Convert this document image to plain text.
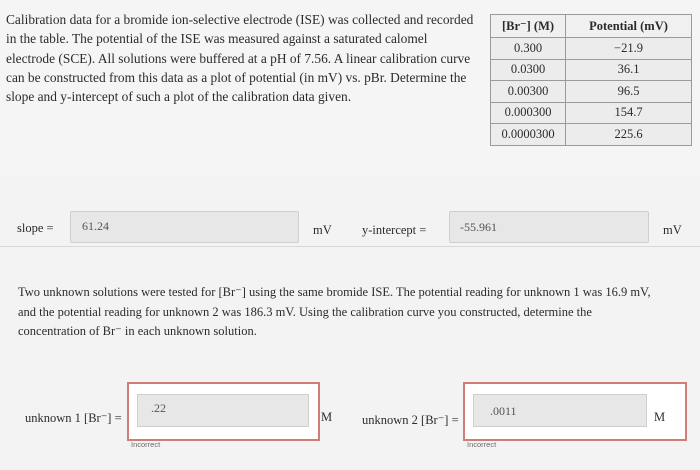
Calibration data for a bromide ion-selective electrode (ISE) was collected and recorded
in the table. The potential of the ISE was measured against a saturated calomel
electrode (SCE). All solutions were buffered at a pH of 7.56. A linear calibration curve
can be constructed from this data as a plot of potential (in mV) vs. pBr. Determine the
slope and y-intercept of such a plot of the calibration data given.
[Br⁻] (M)	Potential (mV)
0.300	−21.9
0.0300	36.1
0.00300	96.5
0.000300	154.7
0.0000300	225.6
slope = 61.24	mV y-intercept =	-55.961	mV
Two unknown solutions were tested for [Br⁻] using the same bromide ISE. The potential reading for unknown 1 was 16.9 mV,
and the potential reading for unknown 2 was 186.3 mV. Using the calibration curve you constructed, determine the
concentration of Br⁻ in each unknown solution.
unknown 1 [Br⁻] =
.22
M
Incorrect
unknown 2 [Br⁻] =
.0011	M
Incorrect
